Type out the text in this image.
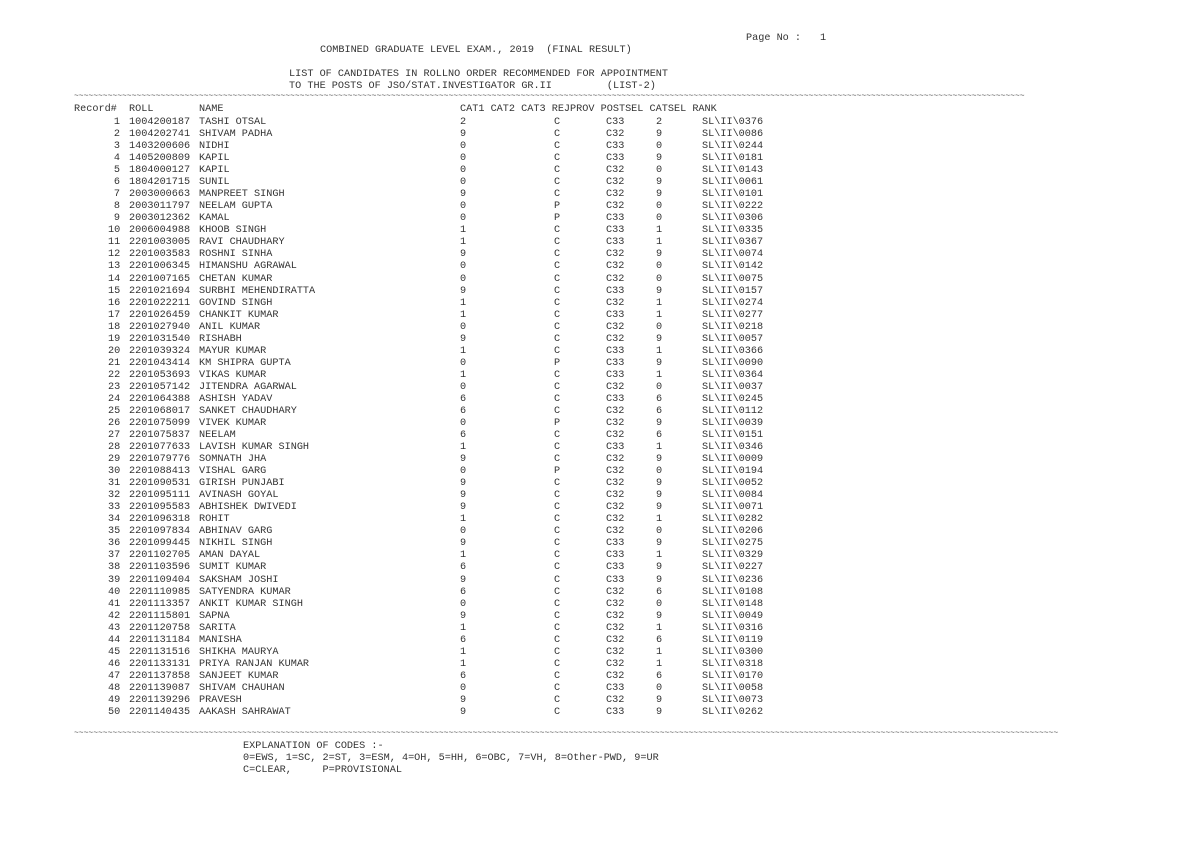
Page No : 1
COMBINED GRADUATE LEVEL EXAM., 2019  (FINAL RESULT)
LIST OF CANDIDATES IN ROLLNO ORDER RECOMMENDED FOR APPOINTMENT
TO THE POSTS OF JSO/STAT.INVESTIGATOR GR.II         (LIST-2)
~~~~~~~~~~~~~~~~~~~~~~~~~~~~~~~~~~~~~~~~~~~~~~~~~~~~~~~~~~~~~~~~~~~~~~~~~~~~~~~~~~~~~~~~~~~~~~~~~~~~~~~~~~~~~~~~~~~~~~~~~~~~~~~~~~~~~~~~~~~~~~~~~~~~~~~~~~~~~~~~~~~~~~~~~~~~~~~~~~~~~~~~~~~~~~~~~~~~~~
Record# ROLL	NAME	CAT1 CAT2 CAT3 REJPROV POSTSEL CATSEL RANK
1 1004200187 TASHI OTSAL	2	C	C33	2	SL\II\0376
2 1004202741 SHIVAM PADHA	9	C	C32	9	SL\II\0086
3 1403200606 NIDHI	0	C	C33	0	SL\II\0244
4 1405200809 KAPIL	0	C	C33	9	SL\II\0181
5 1804000127 KAPIL	0	C	C32	0	SL\II\0143
6 1804201715 SUNIL	0	C	C32	9	SL\II\0061
7 2003000663 MANPREET SINGH	9	C	C32	9	SL\II\0101
8 2003011797 NEELAM GUPTA	0	P	C32	0	SL\II\0222
9 2003012362 KAMAL	0	P	C33	0	SL\II\0306
10 2006004988 KHOOB SINGH	1	C	C33	1	SL\II\0335
11 2201003005 RAVI CHAUDHARY	1	C	C33	1	SL\II\0367
12 2201003583 ROSHNI SINHA	9	C	C32	9	SL\II\0074
13 2201006345 HIMANSHU AGRAWAL	0	C	C32	0	SL\II\0142
14 2201007165 CHETAN KUMAR	0	C	C32	0	SL\II\0075
15 2201021694 SURBHI MEHENDIRATTA	9	C	C33	9	SL\II\0157
16 2201022211 GOVIND SINGH	1	C	C32	1	SL\II\0274
17 2201026459 CHANKIT KUMAR	1	C	C33	1	SL\II\0277
18 2201027940 ANIL KUMAR	0	C	C32	0	SL\II\0218
19 2201031540 RISHABH	9	C	C32	9	SL\II\0057
20 2201039324 MAYUR KUMAR	1	C	C33	1	SL\II\0366
21 2201043414 KM SHIPRA GUPTA	0	P	C33	9	SL\II\0090
22 2201053693 VIKAS KUMAR	1	C	C33	1	SL\II\0364
23 2201057142 JITENDRA AGARWAL	0	C	C32	0	SL\II\0037
24 2201064388 ASHISH YADAV	6	C	C33	6	SL\II\0245
25 2201068017 SANKET CHAUDHARY	6	C	C32	6	SL\II\0112
26 2201075099 VIVEK KUMAR	0	P	C32	9	SL\II\0039
27 2201075837 NEELAM	6	C	C32	6	SL\II\0151
28 2201077633 LAVISH KUMAR SINGH	1	C	C33	1	SL\II\0346
29 2201079776 SOMNATH JHA	9	C	C32	9	SL\II\0009
30 2201088413 VISHAL GARG	0	P	C32	0	SL\II\0194
31 2201090531 GIRISH PUNJABI	9	C	C32	9	SL\II\0052
32 2201095111 AVINASH GOYAL	9	C	C32	9	SL\II\0084
33 2201095583 ABHISHEK DWIVEDI	9	C	C32	9	SL\II\0071
34 2201096318 ROHIT	1	C	C32	1	SL\II\0282
35 2201097834 ABHINAV GARG	0	C	C32	0	SL\II\0206
36 2201099445 NIKHIL SINGH	9	C	C33	9	SL\II\0275
37 2201102705 AMAN DAYAL	1	C	C33	1	SL\II\0329
38 2201103596 SUMIT KUMAR	6	C	C33	9	SL\II\0227
39 2201109404 SAKSHAM JOSHI	9	C	C33	9	SL\II\0236
40 2201110985 SATYENDRA KUMAR	6	C	C32	6	SL\II\0108
41 2201113357 ANKIT KUMAR SINGH	0	C	C32	0	SL\II\0148
42 2201115801 SAPNA	9	C	C32	9	SL\II\0049
43 2201120758 SARITA	1	C	C32	1	SL\II\0316
44 2201131184 MANISHA	6	C	C32	6	SL\II\0119
45 2201131516 SHIKHA MAURYA	1	C	C32	1	SL\II\0300
46 2201133131 PRIYA RANJAN KUMAR	1	C	C32	1	SL\II\0318
47 2201137858 SANJEET KUMAR	6	C	C32	6	SL\II\0170
48 2201139087 SHIVAM CHAUHAN	0	C	C33	0	SL\II\0058
49 2201139296 PRAVESH	9	C	C32	9	SL\II\0073
50 2201140435 AAKASH SAHRAWAT	9	C	C33	9	SL\II\0262
~~~~~~~~~~~~~~~~~~~~~~~~~~~~~~~~~~~~~~~~~~~~~~~~~~~~~~~~~~~~~~~~~~~~~~~~~~~~~~~~~~~~~~~~~~~~~~~~~~~~~~~~~~~~~~~~~~~~~~~~~~~~~~~~~~~~~~~~~~~~~~~~~~~~~~~~~~~~~~~~~~~~~~~~~~~~~~~~~~~~~~~~~~~~~~~~~~~~~~~~~~~~~
EXPLANATION OF CODES :-
0=EWS, 1=SC, 2=ST, 3=ESM, 4=OH, 5=HH, 6=OBC, 7=VH, 8=Other-PWD, 9=UR
C=CLEAR,     P=PROVISIONAL
